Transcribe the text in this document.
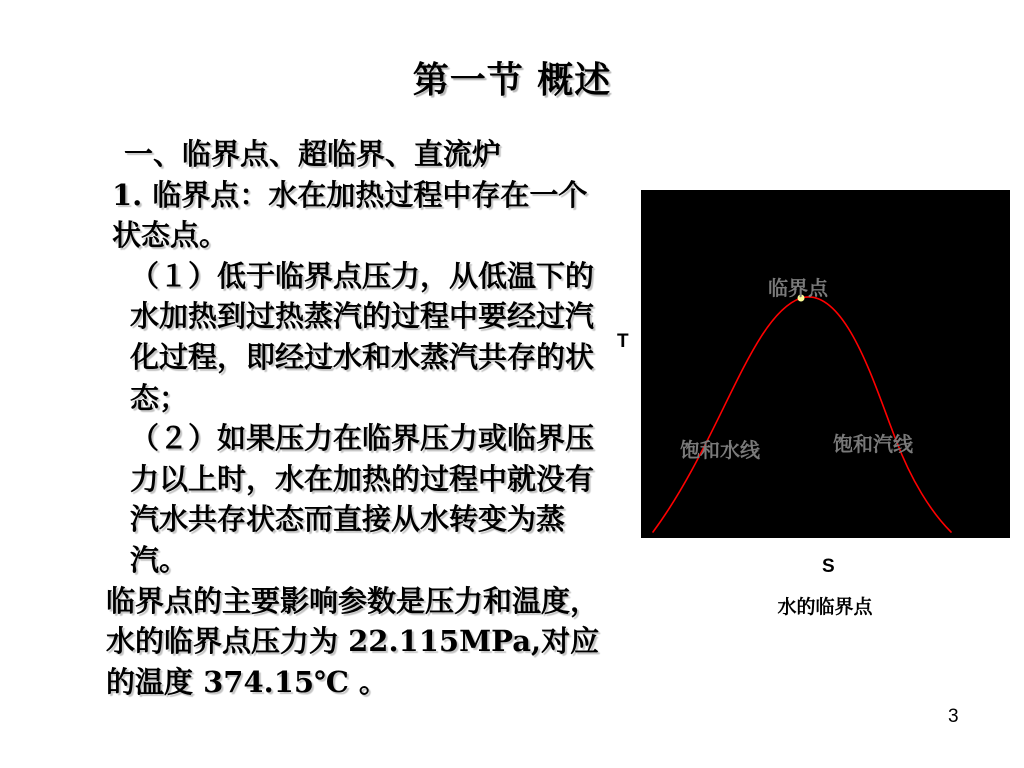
第一节 概述

一、临界点、超临界、直流炉

1. 临界点：水在加热过程中存在一个状态点。

（１）低于临界点压力，从低温下的水加热到过热蒸汽的过程中要经过汽化过程，即经过水和水蒸汽共存的状态；

（２）如果压力在临界压力或临界压力以上时，水在加热的过程中就没有汽水共存状态而直接从水转变为蒸汽。

临界点的主要影响参数是压力和温度，水的临界点压力为 22.115MPa,对应的温度 374.15℃ 。

T
临界点
饱和水线	饱和汽线
S
水的临界点
3
